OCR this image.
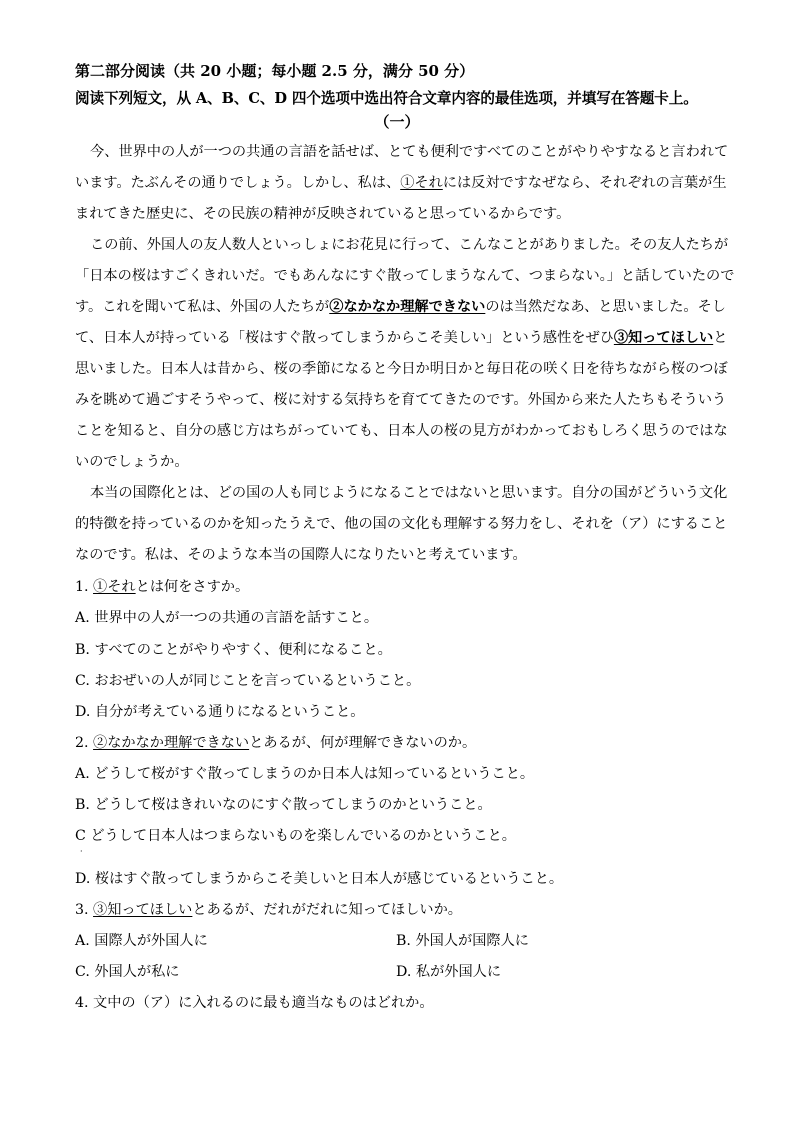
第二部分阅读（共 20 小题；每小题 2.5 分，满分 50 分）
阅读下列短文，从 A、B、C、D 四个选项中选出符合文章内容的最佳选项，并填写在答题卡上。
（一）
今、世界中の人が一つの共通の言語を話せば、とても便利ですべてのことがやりやすなると言われて
います。たぶんその通りでしょう。しかし、私は、 ①それ には反対ですなぜなら、それぞれの言葉が生
まれてきた歴史に、その民族の精神が反映されていると思っているからです。
この前、外国人の友人数人といっしょにお花見に行って、こんなことがありました。その友人たちが
「日本の桜はすごくきれいだ。でもあんなにすぐ散ってしまうなんて、つまらない。」と話していたので
す。これを聞いて私は、外国の人たちが ②なかなか理解できない のは当然だなあ、と思いました。そし
て、日本人が持っている「桜はすぐ散ってしまうからこそ美しい」という感性をぜひ ③知ってほしい と
思いました。日本人は昔から、桜の季節になると今日か明日かと毎日花の咲く日を待ちながら桜のつぼ
みを眺めて過ごすそうやって、桜に対する気持ちを育ててきたのです。外国から来た人たちもそういう
ことを知ると、自分の感じ方はちがっていても、日本人の桜の見方がわかっておもしろく思うのではな
いのでしょうか。
本当の国際化とは、どの国の人も同じようになることではないと思います。自分の国がどういう文化
的特徴を持っているのかを知ったうえで、他の国の文化も理解する努力をし、それを（ア）にすること
なのです。私は、そのような本当の国際人になりたいと考えています。
1. ①それとは何をさすか。
A. 世界中の人が一つの共通の言語を話すこと。
B. すべてのことがやりやすく、便利になること。
C. おおぜいの人が同じことを言っているということ。
D. 自分が考えている通りになるということ。
2. ②なかなか理解できないとあるが、何が理解できないのか。
A. どうして桜がすぐ散ってしまうのか日本人は知っているということ。
B. どうして桜はきれいなのにすぐ散ってしまうのかということ。
C どうして日本人はつまらないものを楽しんでいるのかということ。
·
D. 桜はすぐ散ってしまうからこそ美しいと日本人が感じているということ。
3. ③知ってほしいとあるが、だれがだれに知ってほしいか。
A. 国際人が外国人に	B. 外国人が国際人に
C. 外国人が私に	D. 私が外国人に
4. 文中の（ア）に入れるのに最も適当なものはどれか。
